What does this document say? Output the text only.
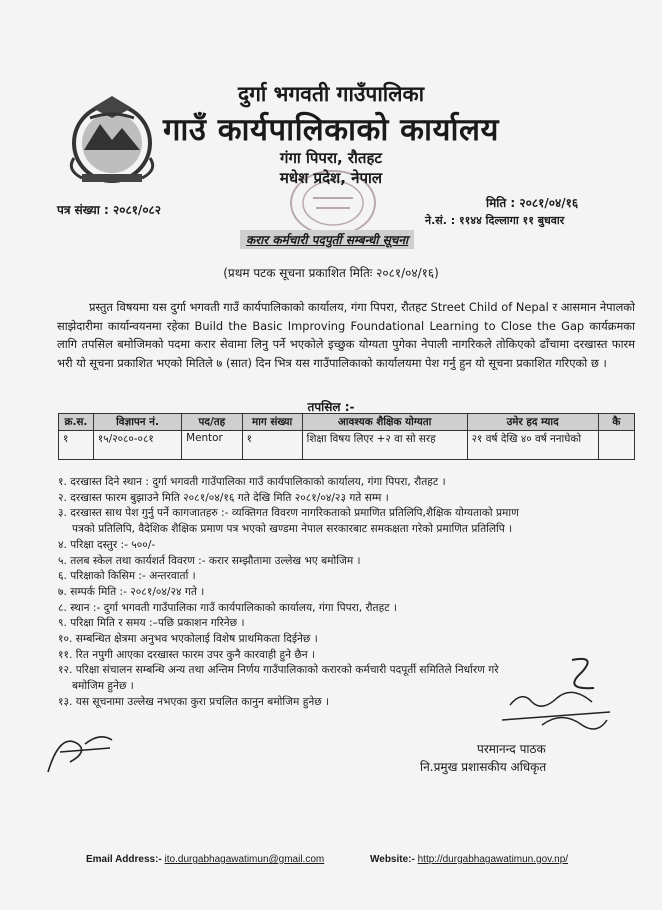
दुर्गा भगवती गाउँपालिका
गाउँ कार्यपालिकाको कार्यालय
गंगा पिपरा, रौतहट
मधेश प्रदेश, नेपाल
पत्र संख्या : २०८१/०८२	मिति : २०८१/०४/१६
ने.सं. : ११४४ दिल्लागा ११ बुधवार
करार कर्मचारी पदपुर्ती सम्बन्धी सूचना
(प्रथम पटक सूचना प्रकाशित मितिः २०८१/०४/१६)
प्रस्तुत विषयमा यस दुर्गा भगवती गाउँ कार्यपालिकाको कार्यालय, गंगा पिपरा, रौतहट Street Child of Nepal र आसमान नेपालको साझेदारीमा कार्यान्वयनमा रहेका Build the Basic Improving Foundational Learning to Close the Gap कार्यक्रमका लागि तपसिल बमोजिमको पदमा करार सेवामा लिनु पर्ने भएकोले इच्छुक योग्यता पुगेका नेपाली नागरिकले तोकिएको ढाँचामा दरखास्त फारम भरी यो सूचना प्रकाशित भएको मितिले ७ (सात) दिन भित्र यस गाउँपालिकाको कार्यालयमा पेश गर्नु हुन यो सूचना प्रकाशित गरिएको छ ।
तपसिल :-
क्र.स.	विज्ञापन नं.	पद/तह	माग संख्या	आवश्यक शैक्षिक योग्यता	उमेर हद म्याद	कै
१	१५/२०८०-०८१	Mentor	१	शिक्षा विषय लिएर +२ वा सो सरह	२१ वर्ष देखि ४० वर्ष ननाघेको	
१. दरखास्त दिने स्थान : दुर्गा भगवती गाउँपालिका गाउँ कार्यपालिकाको कार्यालय, गंगा पिपरा, रौतहट ।
२. दरखास्त फारम बुझाउने मिति २०८१/०४/१६ गते देखि मिति २०८१/०४/२३ गते सम्म ।
३. दरखास्त साथ पेश गुर्नु पर्ने कागजातहरु :- व्यक्तिगत विवरण नागरिकताको प्रमाणित प्रतिलिपि,शैक्षिक योग्यताको प्रमाण
पत्रको प्रतिलिपि, वैदेशिक शैक्षिक प्रमाण पत्र भएको खण्डमा नेपाल सरकारबाट समकक्षता गरेको प्रमाणित प्रतिलिपि ।
४. परिक्षा दस्तुर :- ५००/-
५. तलब स्केल तथा कार्यशर्त विवरण :- करार सम्झौतामा उल्लेख भए बमोजिम ।
६. परिक्षाको किसिम :- अन्तरवार्ता ।
७. सम्पर्क मिति :- २०८१/०४/२४ गते ।
८. स्थान :- दुर्गा भगवती गाउँपालिका गाउँ कार्यपालिकाको कार्यालय, गंगा पिपरा, रौतहट ।
९. परिक्षा मिति र समय :–पछि प्रकाशन गरिनेछ ।
१०. सम्बन्धित क्षेत्रमा अनुभव भएकोलाई विशेष प्राथमिकता दिईनेछ ।
११. रित नपुगी आएका दरखास्त फारम उपर कुनै कारवाही हुने छैन ।
१२. परिक्षा संचालन सम्बन्धि अन्य तथा अन्तिम निर्णय गाउँपालिकाको करारको कर्मचारी पदपूर्ती समितिले निर्धारण गरे
बमोजिम हुनेछ ।
१३. यस सूचनामा उल्लेख नभएका कुरा प्रचलित कानुन बमोजिम हुनेछ ।
परमानन्द पाठक
नि.प्रमुख प्रशासकीय अधिकृत
Email Address:- ito.durgabhagawatimun@gmail.com	Website:- http://durgabhagawatimun.gov.np/
